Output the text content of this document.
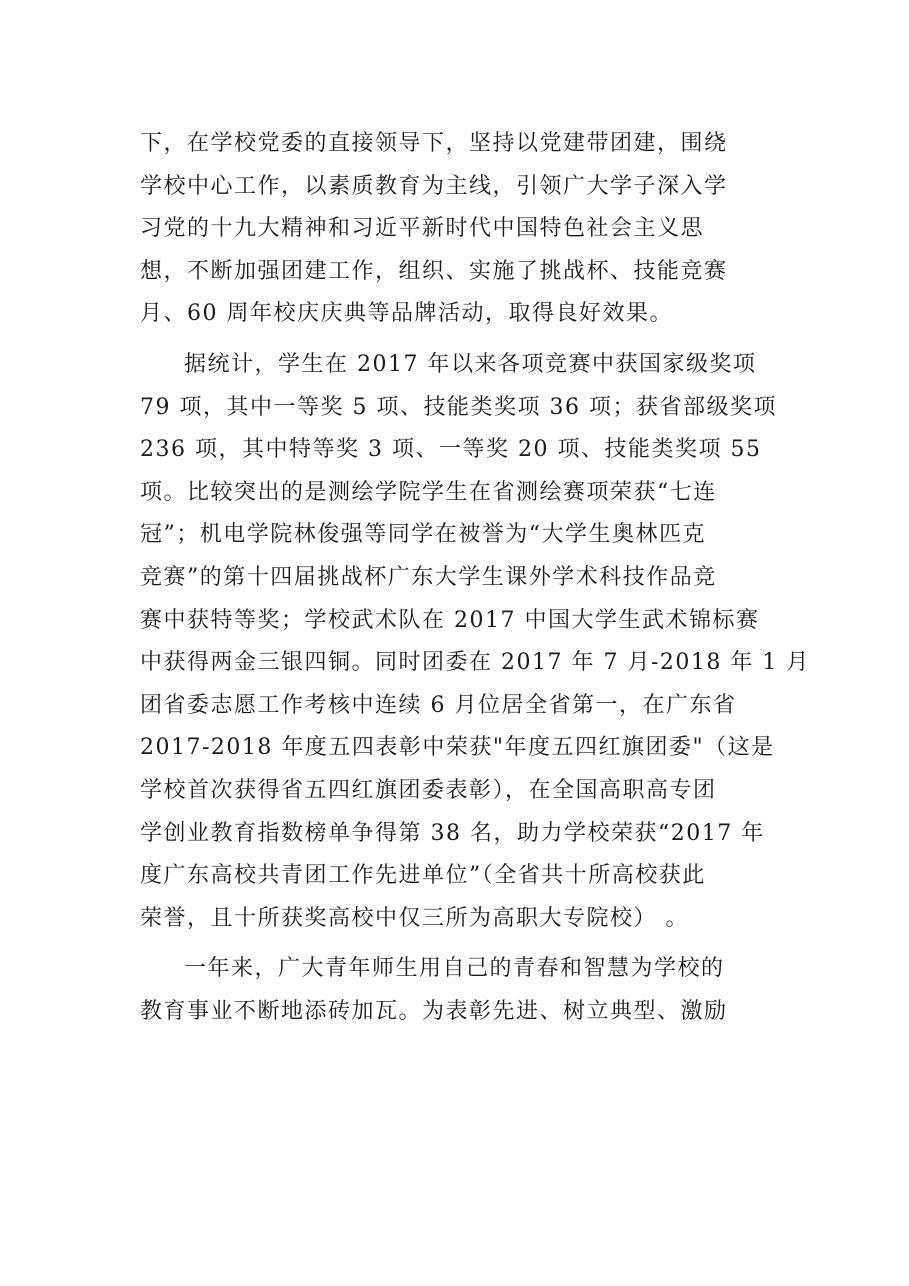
下，在学校党委的直接领导下，坚持以党建带团建，围绕
学校中心工作，以素质教育为主线，引领广大学子深入学
习党的十九大精神和习近平新时代中国特色社会主义思
想，不断加强团建工作，组织、实施了挑战杯、技能竞赛
月、60 周年校庆庆典等品牌活动，取得良好效果。
据统计，学生在 2017 年以来各项竞赛中获国家级奖项
79 项，其中一等奖 5 项、技能类奖项 36 项；获省部级奖项
236 项，其中特等奖 3 项、一等奖 20 项、技能类奖项 55
项。比较突出的是测绘学院学生在省测绘赛项荣获“七连
冠”；机电学院林俊强等同学在被誉为“大学生奥林匹克
竞赛”的第十四届挑战杯广东大学生课外学术科技作品竞
赛中获特等奖；学校武术队在 2017 中国大学生武术锦标赛
中获得两金三银四铜。同时团委在 2017 年 7 月-2018 年 1 月
团省委志愿工作考核中连续 6 月位居全省第一，在广东省
2017-2018 年度五四表彰中荣获"年度五四红旗团委"（这是
学校首次获得省五四红旗团委表彰），在全国高职高专团
学创业教育指数榜单争得第 38 名，助力学校荣获“2017 年
度广东高校共青团工作先进单位”（全省共十所高校获此
荣誉，且十所获奖高校中仅三所为高职大专院校） 。
一年来，广大青年师生用自己的青春和智慧为学校的
教育事业不断地添砖加瓦。为表彰先进、树立典型、激励
